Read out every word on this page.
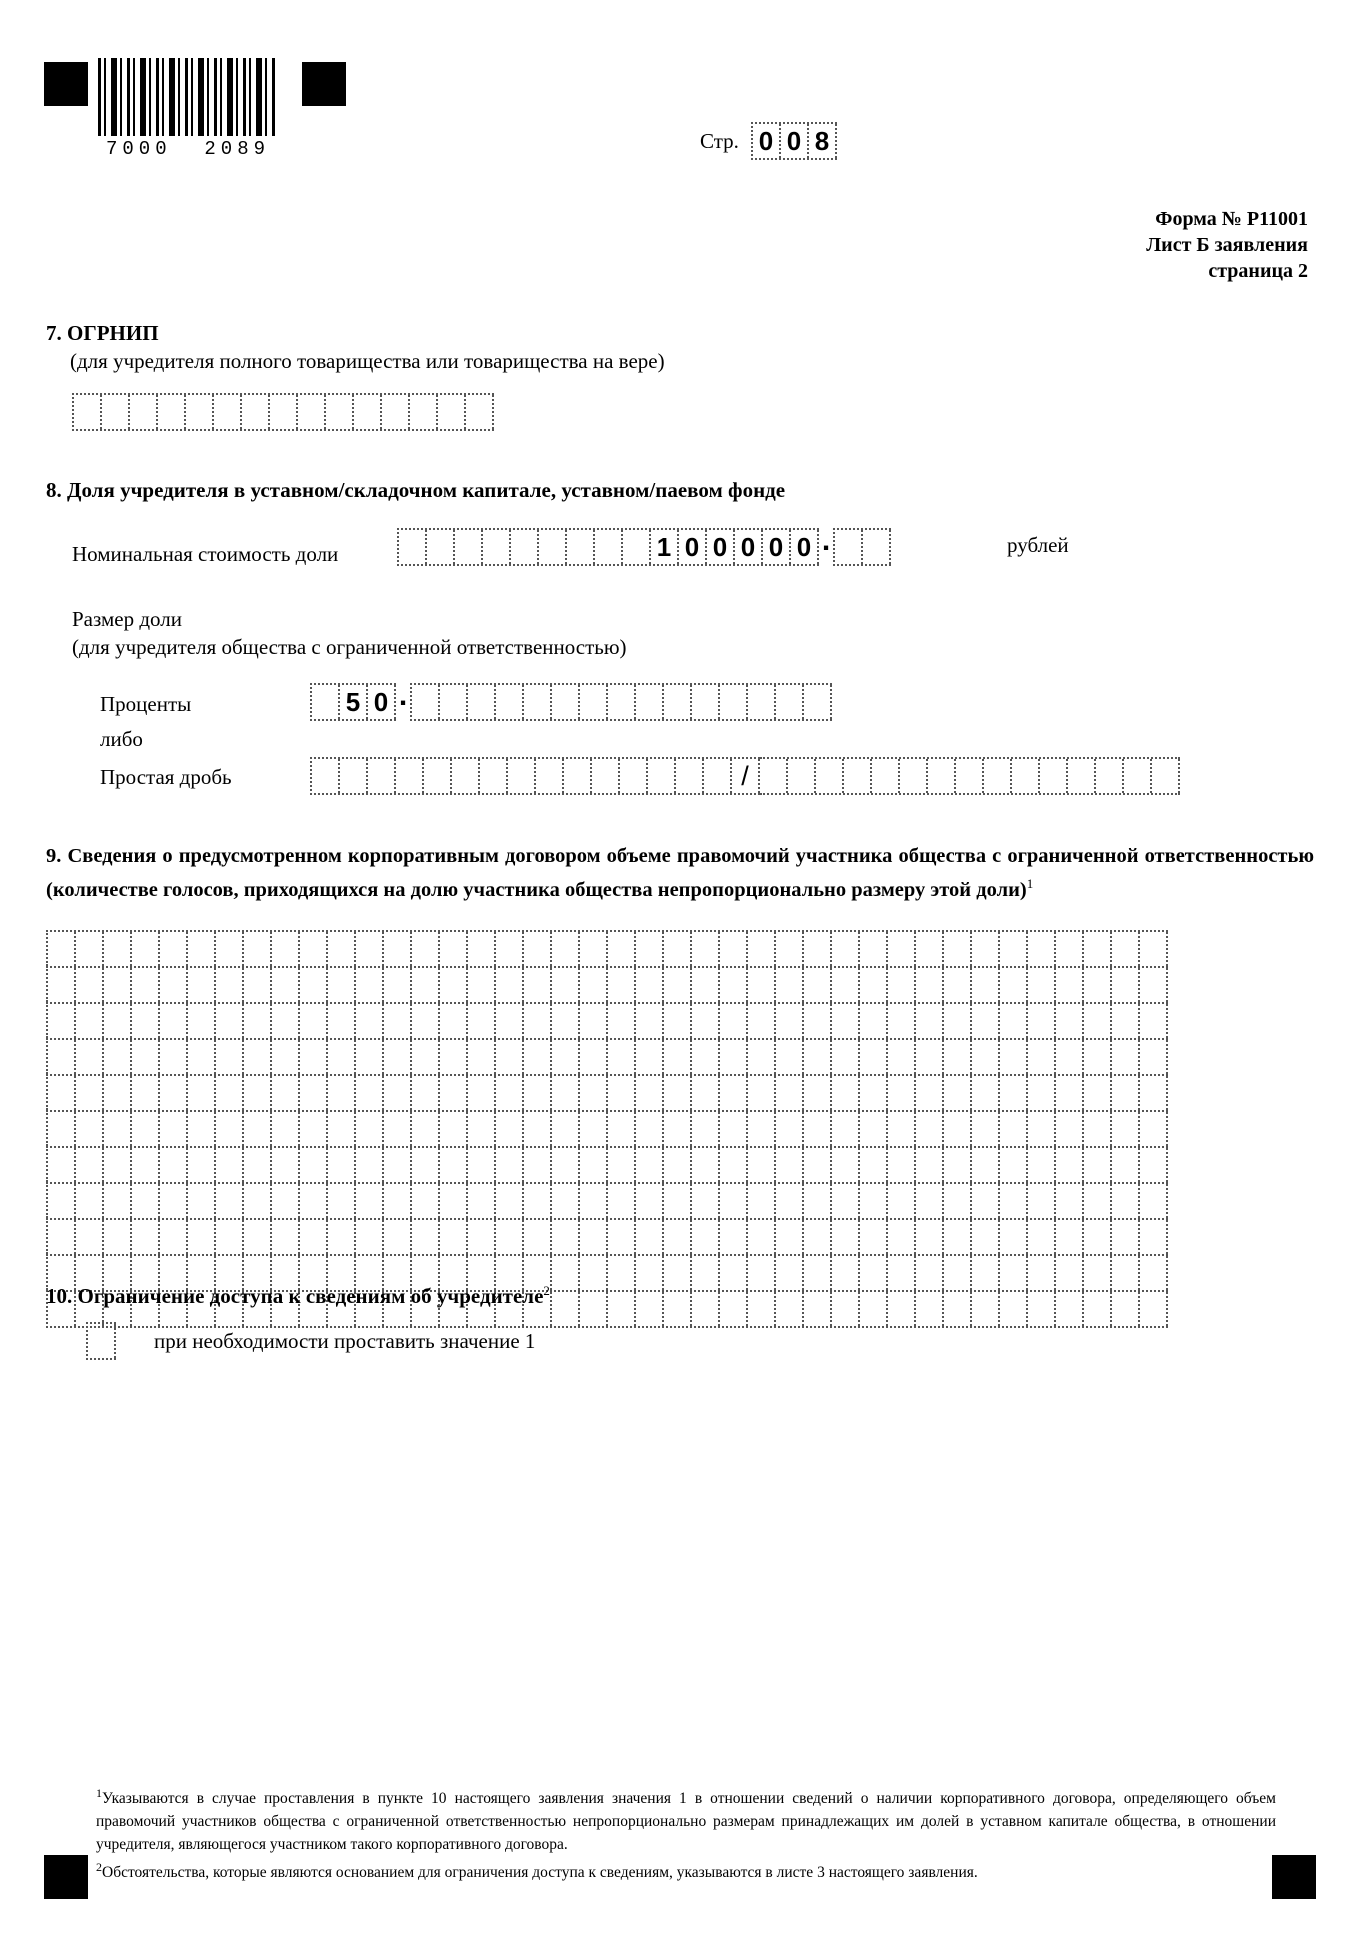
7000  2089	Стр. 0 0 8
Форма № Р11001
Лист Б заявления
страница 2
7. ОГРНИП
(для учредителя полного товарищества или товарищества на вере)
8. Доля учредителя в уставном/складочном капитале, уставном/паевом фонде
Номинальная стоимость доли	1 0 0 0 0 0 .	рублей
Размер доли
(для учредителя общества с ограниченной ответственностью)
Проценты	5 0 .
либо
Простая дробь	/
9. Сведения о предусмотренном корпоративным договором объеме правомочий участника общества с ограниченной ответственностью (количестве голосов, приходящихся на долю участника общества непропорционально размеру этой доли)$^1$
10. Ограничение доступа к сведениям об учредителе$^2$
при необходимости проставить значение 1

$^1$Указываются в случае проставления в пункте 10 настоящего заявления значения 1 в отношении сведений о наличии корпоративного договора, определяющего объем правомочий участников общества с ограниченной ответственностью непропорционально размерам принадлежащих им долей в уставном капитале общества, в отношении учредителя, являющегося участником такого корпоративного договора.

$^2$Обстоятельства, которые являются основанием для ограничения доступа к сведениям, указываются в листе 3 настоящего заявления.
